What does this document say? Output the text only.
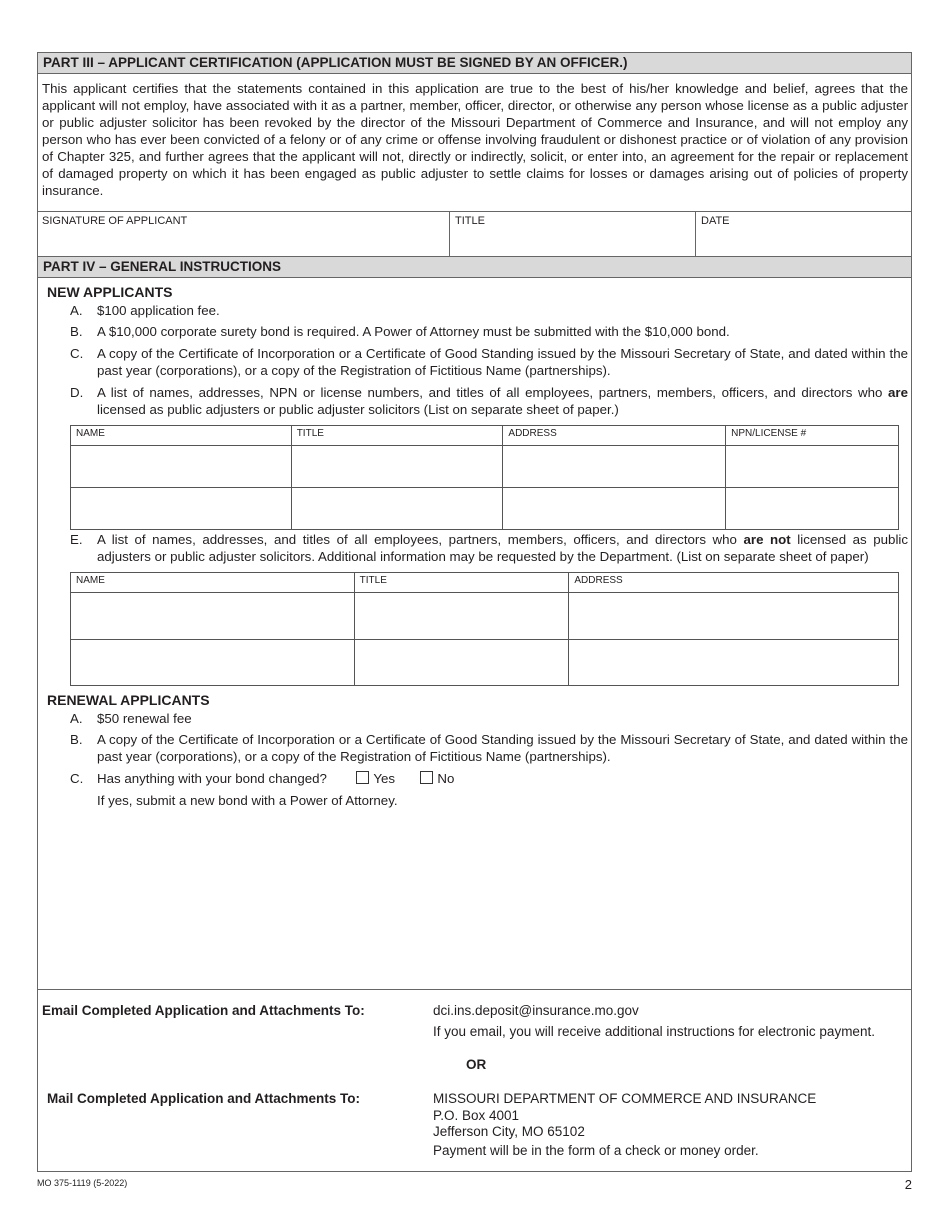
PART III – APPLICANT CERTIFICATION (APPLICATION MUST BE SIGNED BY AN OFFICER.)
This applicant certifies that the statements contained in this application are true to the best of his/her knowledge and belief, agrees that the applicant will not employ, have associated with it as a partner, member, officer, director, or otherwise any person whose license as a public adjuster or public adjuster solicitor has been revoked by the director of the Missouri Department of Commerce and Insurance, and will not employ any person who has ever been convicted of a felony or of any crime or offense involving fraudulent or dishonest practice or of violation of any provision of Chapter 325, and further agrees that the applicant will not, directly or indirectly, solicit, or enter into, an agreement for the repair or replacement of damaged property on which it has been engaged as public adjuster to settle claims for losses or damages arising out of policies of property insurance.
SIGNATURE OF APPLICANT	TITLE	DATE
PART IV – GENERAL INSTRUCTIONS
NEW APPLICANTS
A.	$100 application fee.
B.	A $10,000 corporate surety bond is required. A Power of Attorney must be submitted with the $10,000 bond.
C.	A copy of the Certificate of Incorporation or a Certificate of Good Standing issued by the Missouri Secretary of State, and dated within the past year (corporations), or a copy of the Registration of Fictitious Name (partnerships).
D.	A list of names, addresses, NPN or license numbers, and titles of all employees, partners, members, officers, and directors who are licensed as public adjusters or public adjuster solicitors (List on separate sheet of paper.)
NAME	TITLE	ADDRESS	NPN/LICENSE #

E.	A list of names, addresses, and titles of all employees, partners, members, officers, and directors who are not licensed as public adjusters or public adjuster solicitors. Additional information may be requested by the Department. (List on separate sheet of paper)
NAME	TITLE	ADDRESS

RENEWAL APPLICANTS
A.	$50 renewal fee
B.	A copy of the Certificate of Incorporation or a Certificate of Good Standing issued by the Missouri Secretary of State, and dated within the past year (corporations), or a copy of the Registration of Fictitious Name (partnerships).
C.	Has anything with your bond changed?	Yes	No
If yes, submit a new bond with a Power of Attorney.
Email Completed Application and Attachments To:	dci.ins.deposit@insurance.mo.gov
If you email, you will receive additional instructions for electronic payment.
OR
Mail Completed Application and Attachments To:	MISSOURI DEPARTMENT OF COMMERCE AND INSURANCE
P.O. Box 4001
Jefferson City, MO 65102
Payment will be in the form of a check or money order.
MO 375-1119 (5-2022)	2
